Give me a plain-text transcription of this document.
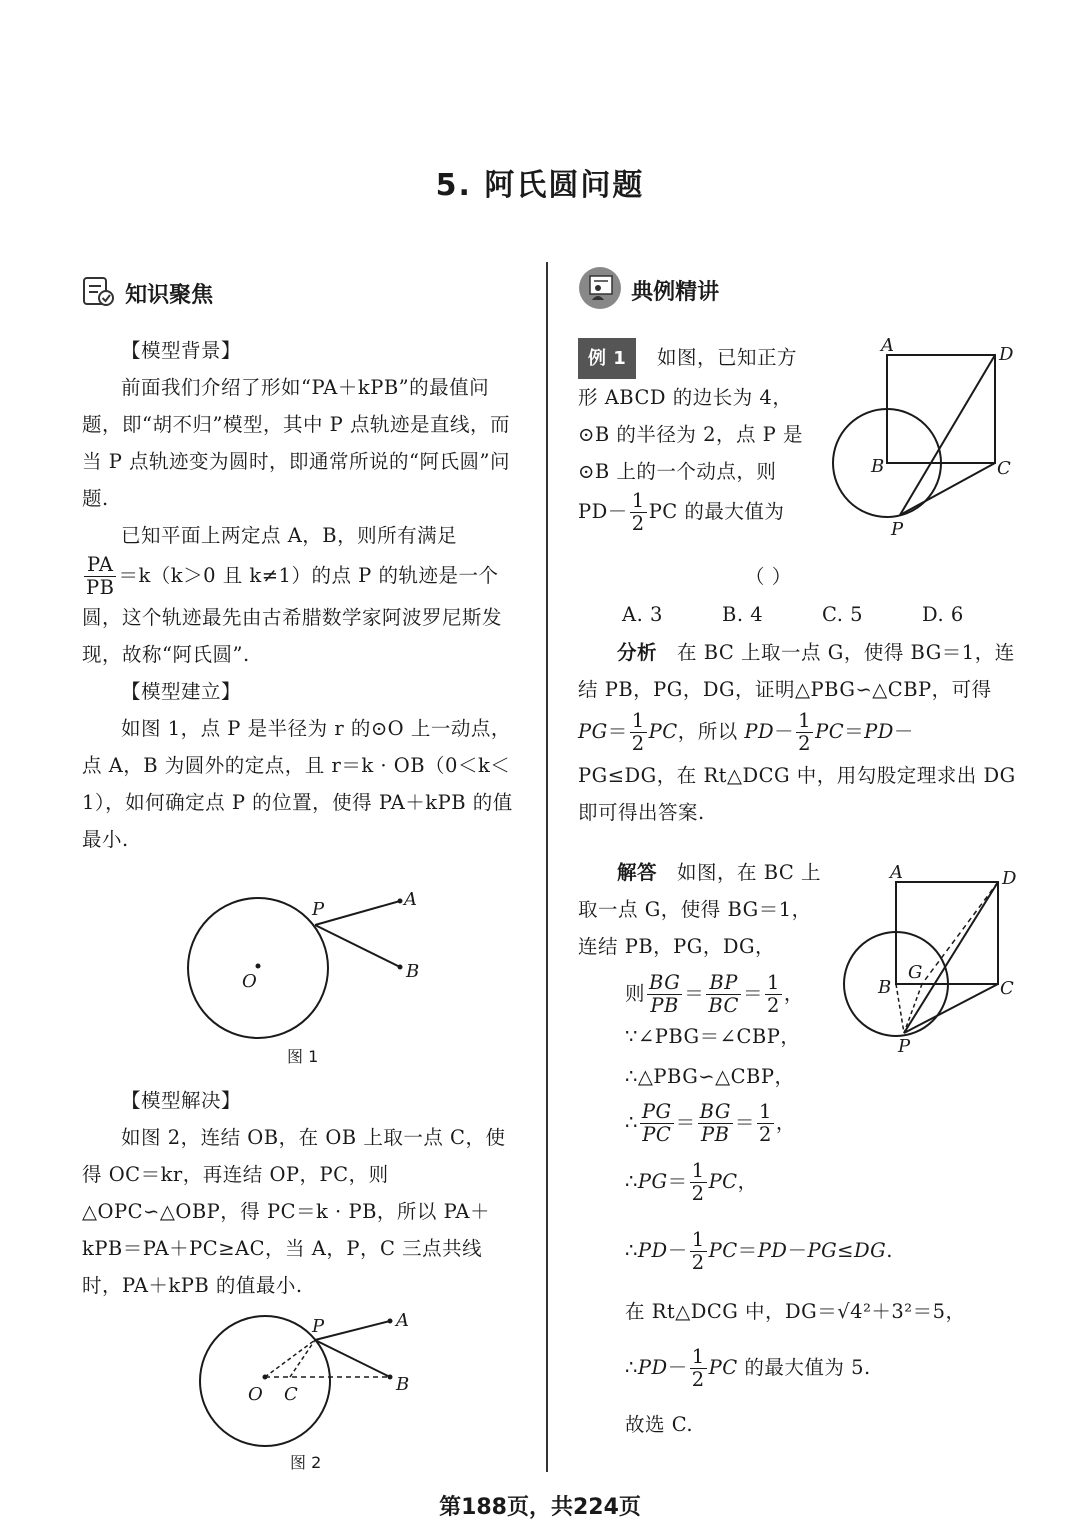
5. 阿氏圆问题
知识聚焦
【模型背景】
前面我们介绍了形如“PA＋kPB”的最值问题，即“胡不归”模型，其中 P 点轨迹是直线，而当 P 点轨迹变为圆时，即通常所说的“阿氏圆”问题.
已知平面上两定点 A，B，则所有满足
$\frac{PA}{PB} =k(k>0$ 且 k≠1）的点 P 的轨迹是一个圆，这个轨迹最先由古希腊数学家阿波罗尼斯发现，故称“阿氏圆”.
【模型建立】
如图 1，点 P 是半径为 r 的⊙O 上一动点，点 A，B 为圆外的定点，且 r＝k · OB（0＜k＜1），如何确定点 P 的位置，使得 PA＋kPB 的值最小.
P	A
B
O
图 1
【模型解决】
如图 2，连结 OB，在 OB 上取一点 C，使得 OC＝kr，再连结 OP，PC，则△OPC∽△OBP，得 PC＝k · PB，所以 PA＋kPB＝PA＋PC≥AC，当 A，P，C 三点共线时，PA＋kPB 的值最小.
P	A
B
O C
图 2
典例精讲
例 1 如图，已知正方形 ABCD 的边长为 4，⊙B 的半径为 2，点 P 是⊙B 上的一个动点，则
$PD- \frac{1}{2}$ PC 的最大值为
A	D
B	C
P
（ ）
A. 3	B. 4	C. 5	D. 6
分析　 在 BC 上取一点 G，使得 BG＝1，连结 PB，PG，DG，证明△PBG∽△CBP，可得
$PG= \frac{1}{2}$ PC，所以 $PD- \frac{1}{2} PC=PD-$
PG≤DG，在 Rt△DCG 中，用勾股定理求出 DG 即可得出答案.
解答　 如图，在 BC 上取一点 G，使得 BG＝1，连结 PB，PG，DG，
A	D
B
G
C
P
则 $\frac{BG}{PB} = \frac{BP}{BC} = \frac{1}{2}$ ，
∵∠PBG＝∠CBP，
∴△PBG∽△CBP，
∴ $\frac{PG}{PC} = \frac{BG}{PB} = \frac{1}{2}$ ，
∴PG＝ $\frac{1}{2}$ PC，
∴PD－ $\frac{1}{2} PC=PD-PG\le DG$.
在 Rt△DCG 中，DG＝√4²＋3²＝5，
∴PD－ $\frac{1}{2}$ PC 的最大值为 5.
故选 C.
第188页，共224页
